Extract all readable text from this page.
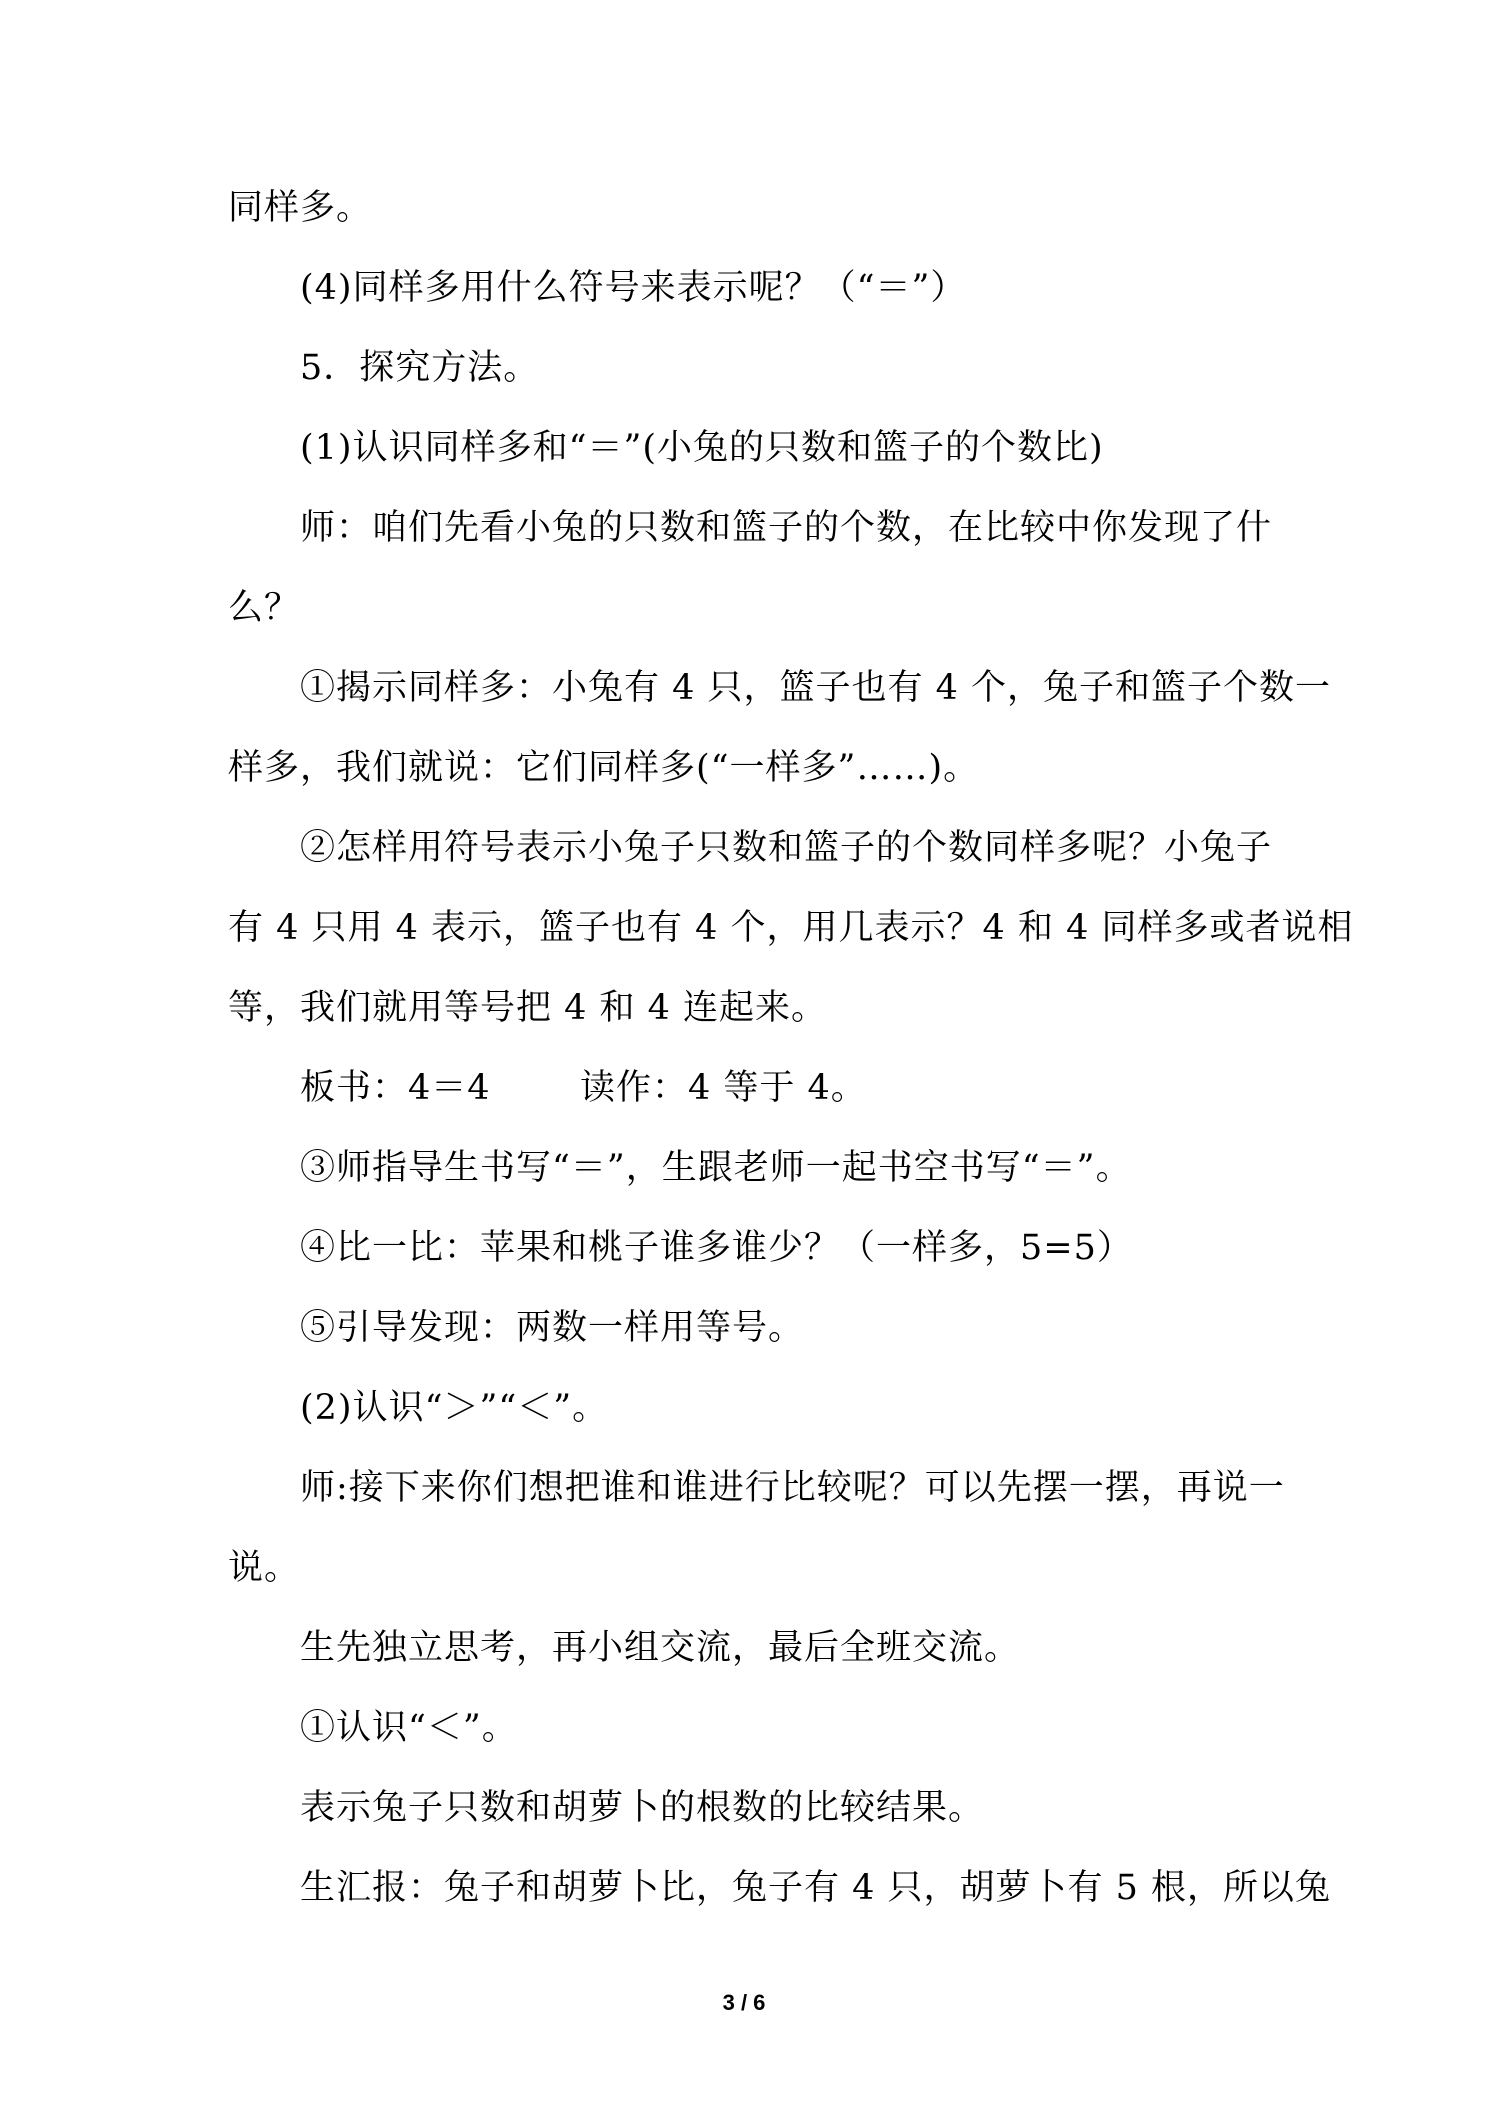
同样多。
(4)同样多用什么符号来表示呢？（“＝”）
5．探究方法。
(1)认识同样多和“＝”(小兔的只数和篮子的个数比)
师：咱们先看小兔的只数和篮子的个数，在比较中你发现了什
么？
①揭示同样多：小兔有 4 只，篮子也有 4 个，兔子和篮子个数一
样多，我们就说：它们同样多(“一样多”……)。
②怎样用符号表示小兔子只数和篮子的个数同样多呢？小兔子
有 4 只用 4 表示，篮子也有 4 个，用几表示？4 和 4 同样多或者说相
等，我们就用等号把 4 和 4 连起来。
板书：4＝4	读作：4 等于 4。
③师指导生书写“＝”，生跟老师一起书空书写“＝”。
④比一比：苹果和桃子谁多谁少？（一样多，5=5）
⑤引导发现：两数一样用等号。
(2)认识“＞”“＜”。
师:接下来你们想把谁和谁进行比较呢？可以先摆一摆，再说一
说。
生先独立思考，再小组交流，最后全班交流。
①认识“＜”。
表示兔子只数和胡萝卜的根数的比较结果。
生汇报：兔子和胡萝卜比，兔子有 4 只，胡萝卜有 5 根，所以兔
3 / 6
